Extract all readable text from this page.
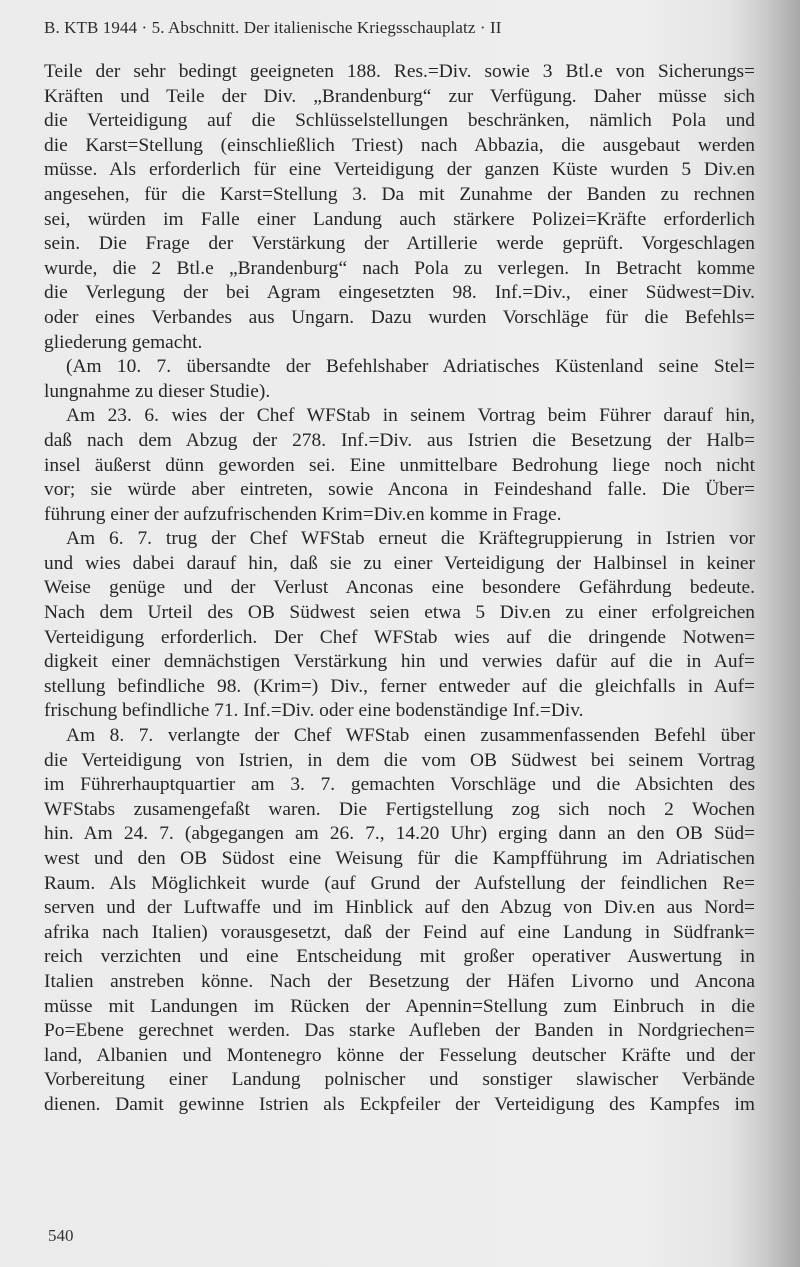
B. KTB 1944 · 5. Abschnitt. Der italienische Kriegsschauplatz · II
Teile der sehr bedingt geeigneten 188. Res.=Div. sowie 3 Btl.e von Sicherungs=
Kräften und Teile der Div. „Brandenburg“ zur Verfügung. Daher müsse sich
die Verteidigung auf die Schlüsselstellungen beschränken, nämlich Pola und
die Karst=Stellung (einschließlich Triest) nach Abbazia, die ausgebaut werden
müsse. Als erforderlich für eine Verteidigung der ganzen Küste wurden 5 Div.en
angesehen, für die Karst=Stellung 3. Da mit Zunahme der Banden zu rechnen
sei, würden im Falle einer Landung auch stärkere Polizei=Kräfte erforderlich
sein. Die Frage der Verstärkung der Artillerie werde geprüft. Vorgeschlagen
wurde, die 2 Btl.e „Brandenburg“ nach Pola zu verlegen. In Betracht komme
die Verlegung der bei Agram eingesetzten 98. Inf.=Div., einer Südwest=Div.
oder eines Verbandes aus Ungarn. Dazu wurden Vorschläge für die Befehls=
gliederung gemacht.
(Am 10. 7. übersandte der Befehlshaber Adriatisches Küstenland seine Stel=
lungnahme zu dieser Studie).
Am 23. 6. wies der Chef WFStab in seinem Vortrag beim Führer darauf hin,
daß nach dem Abzug der 278. Inf.=Div. aus Istrien die Besetzung der Halb=
insel äußerst dünn geworden sei. Eine unmittelbare Bedrohung liege noch nicht
vor; sie würde aber eintreten, sowie Ancona in Feindeshand falle. Die Über=
führung einer der aufzufrischenden Krim=Div.en komme in Frage.
Am 6. 7. trug der Chef WFStab erneut die Kräftegruppierung in Istrien vor
und wies dabei darauf hin, daß sie zu einer Verteidigung der Halbinsel in keiner
Weise genüge und der Verlust Anconas eine besondere Gefährdung bedeute.
Nach dem Urteil des OB Südwest seien etwa 5 Div.en zu einer erfolgreichen
Verteidigung erforderlich. Der Chef WFStab wies auf die dringende Notwen=
digkeit einer demnächstigen Verstärkung hin und verwies dafür auf die in Auf=
stellung befindliche 98. (Krim=) Div., ferner entweder auf die gleichfalls in Auf=
frischung befindliche 71. Inf.=Div. oder eine bodenständige Inf.=Div.
Am 8. 7. verlangte der Chef WFStab einen zusammenfassenden Befehl über
die Verteidigung von Istrien, in dem die vom OB Südwest bei seinem Vortrag
im Führerhauptquartier am 3. 7. gemachten Vorschläge und die Absichten des
WFStabs zusamengefaßt waren. Die Fertigstellung zog sich noch 2 Wochen
hin. Am 24. 7. (abgegangen am 26. 7., 14.20 Uhr) erging dann an den OB Süd=
west und den OB Südost eine Weisung für die Kampfführung im Adriatischen
Raum. Als Möglichkeit wurde (auf Grund der Aufstellung der feindlichen Re=
serven und der Luftwaffe und im Hinblick auf den Abzug von Div.en aus Nord=
afrika nach Italien) vorausgesetzt, daß der Feind auf eine Landung in Südfrank=
reich verzichten und eine Entscheidung mit großer operativer Auswertung in
Italien anstreben könne. Nach der Besetzung der Häfen Livorno und Ancona
müsse mit Landungen im Rücken der Apennin=Stellung zum Einbruch in die
Po=Ebene gerechnet werden. Das starke Aufleben der Banden in Nordgriechen=
land, Albanien und Montenegro könne der Fesselung deutscher Kräfte und der
Vorbereitung einer Landung polnischer und sonstiger slawischer Verbände
dienen. Damit gewinne Istrien als Eckpfeiler der Verteidigung des Kampfes im
540
